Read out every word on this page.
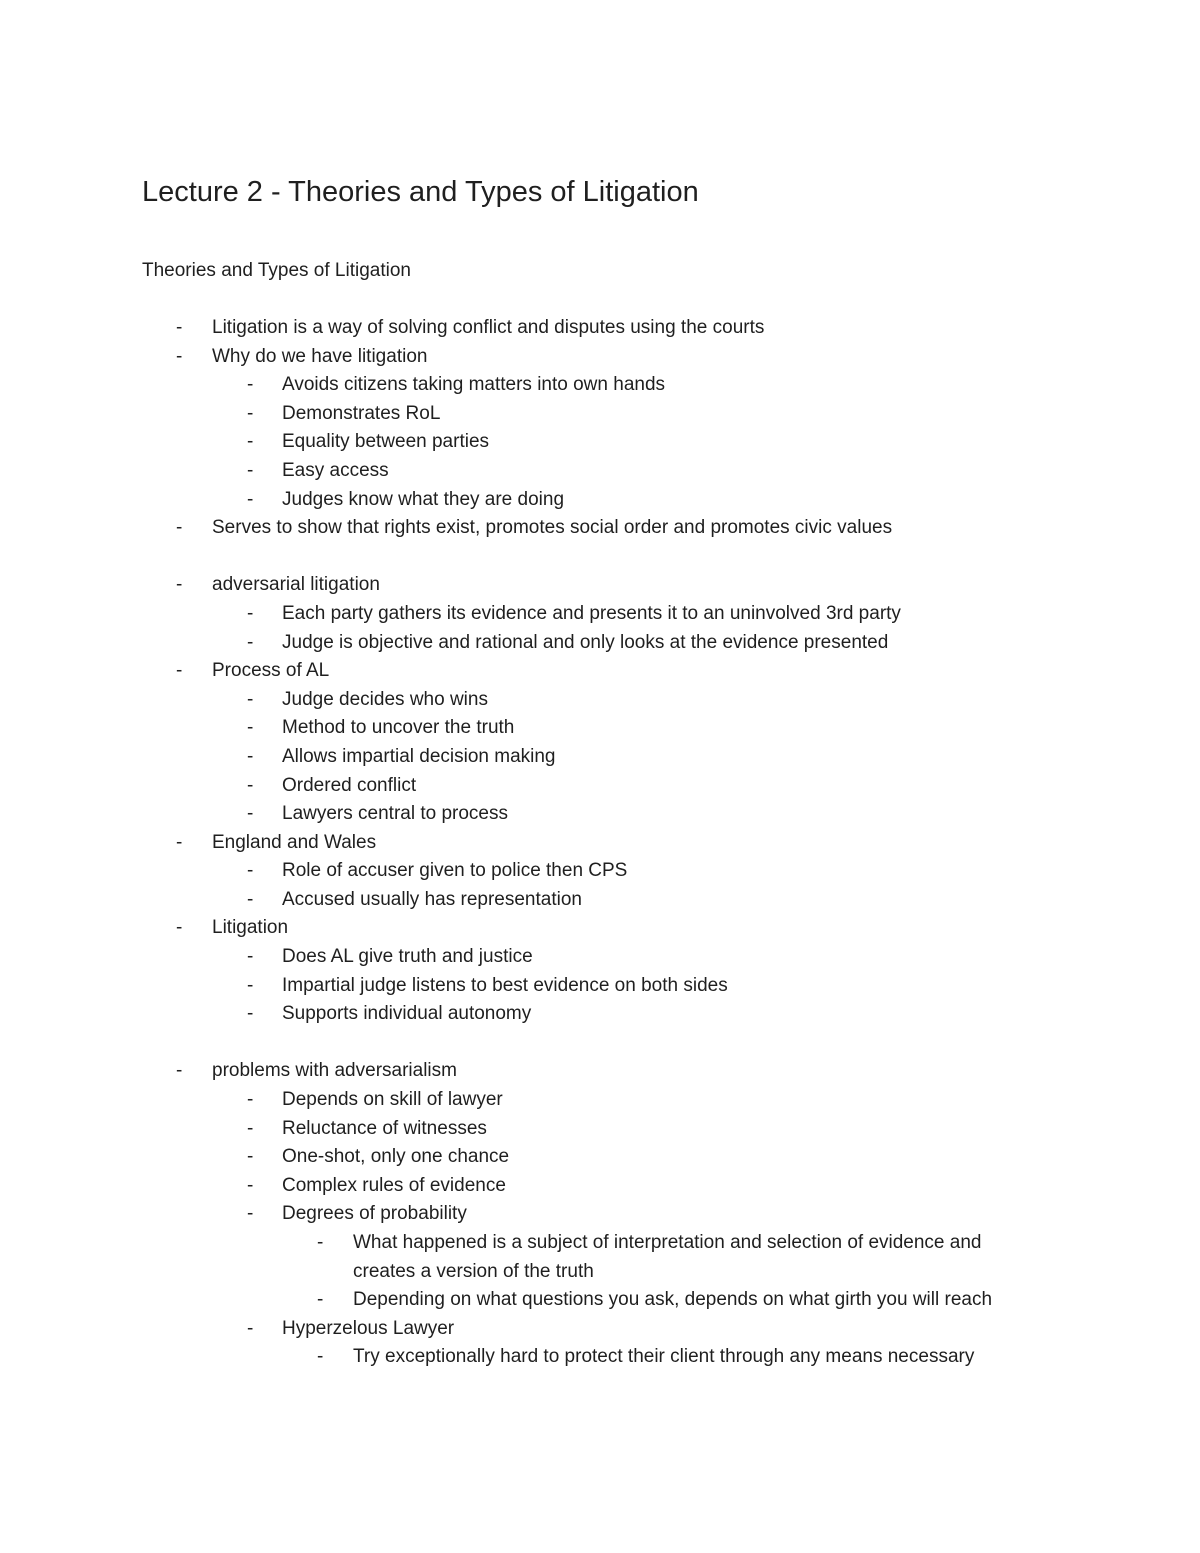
Lecture 2 - Theories and Types of Litigation

Theories and Types of Litigation

- Litigation is a way of solving conflict and disputes using the courts
- Why do we have litigation
- Avoids citizens taking matters into own hands
- Demonstrates RoL
- Equality between parties
- Easy access
- Judges know what they are doing
- Serves to show that rights exist, promotes social order and promotes civic values
- adversarial litigation
- Each party gathers its evidence and presents it to an uninvolved 3rd party
- Judge is objective and rational and only looks at the evidence presented
- Process of AL
- Judge decides who wins
- Method to uncover the truth
- Allows impartial decision making
- Ordered conflict
- Lawyers central to process
- England and Wales
- Role of accuser given to police then CPS
- Accused usually has representation
- Litigation
- Does AL give truth and justice
- Impartial judge listens to best evidence on both sides
- Supports individual autonomy
- problems with adversarialism
- Depends on skill of lawyer
- Reluctance of witnesses
- One-shot, only one chance
- Complex rules of evidence
- Degrees of probability
- What happened is a subject of interpretation and selection of evidence and creates a version of the truth
- Depending on what questions you ask, depends on what girth you will reach
- Hyperzelous Lawyer
- Try exceptionally hard to protect their client through any means necessary
